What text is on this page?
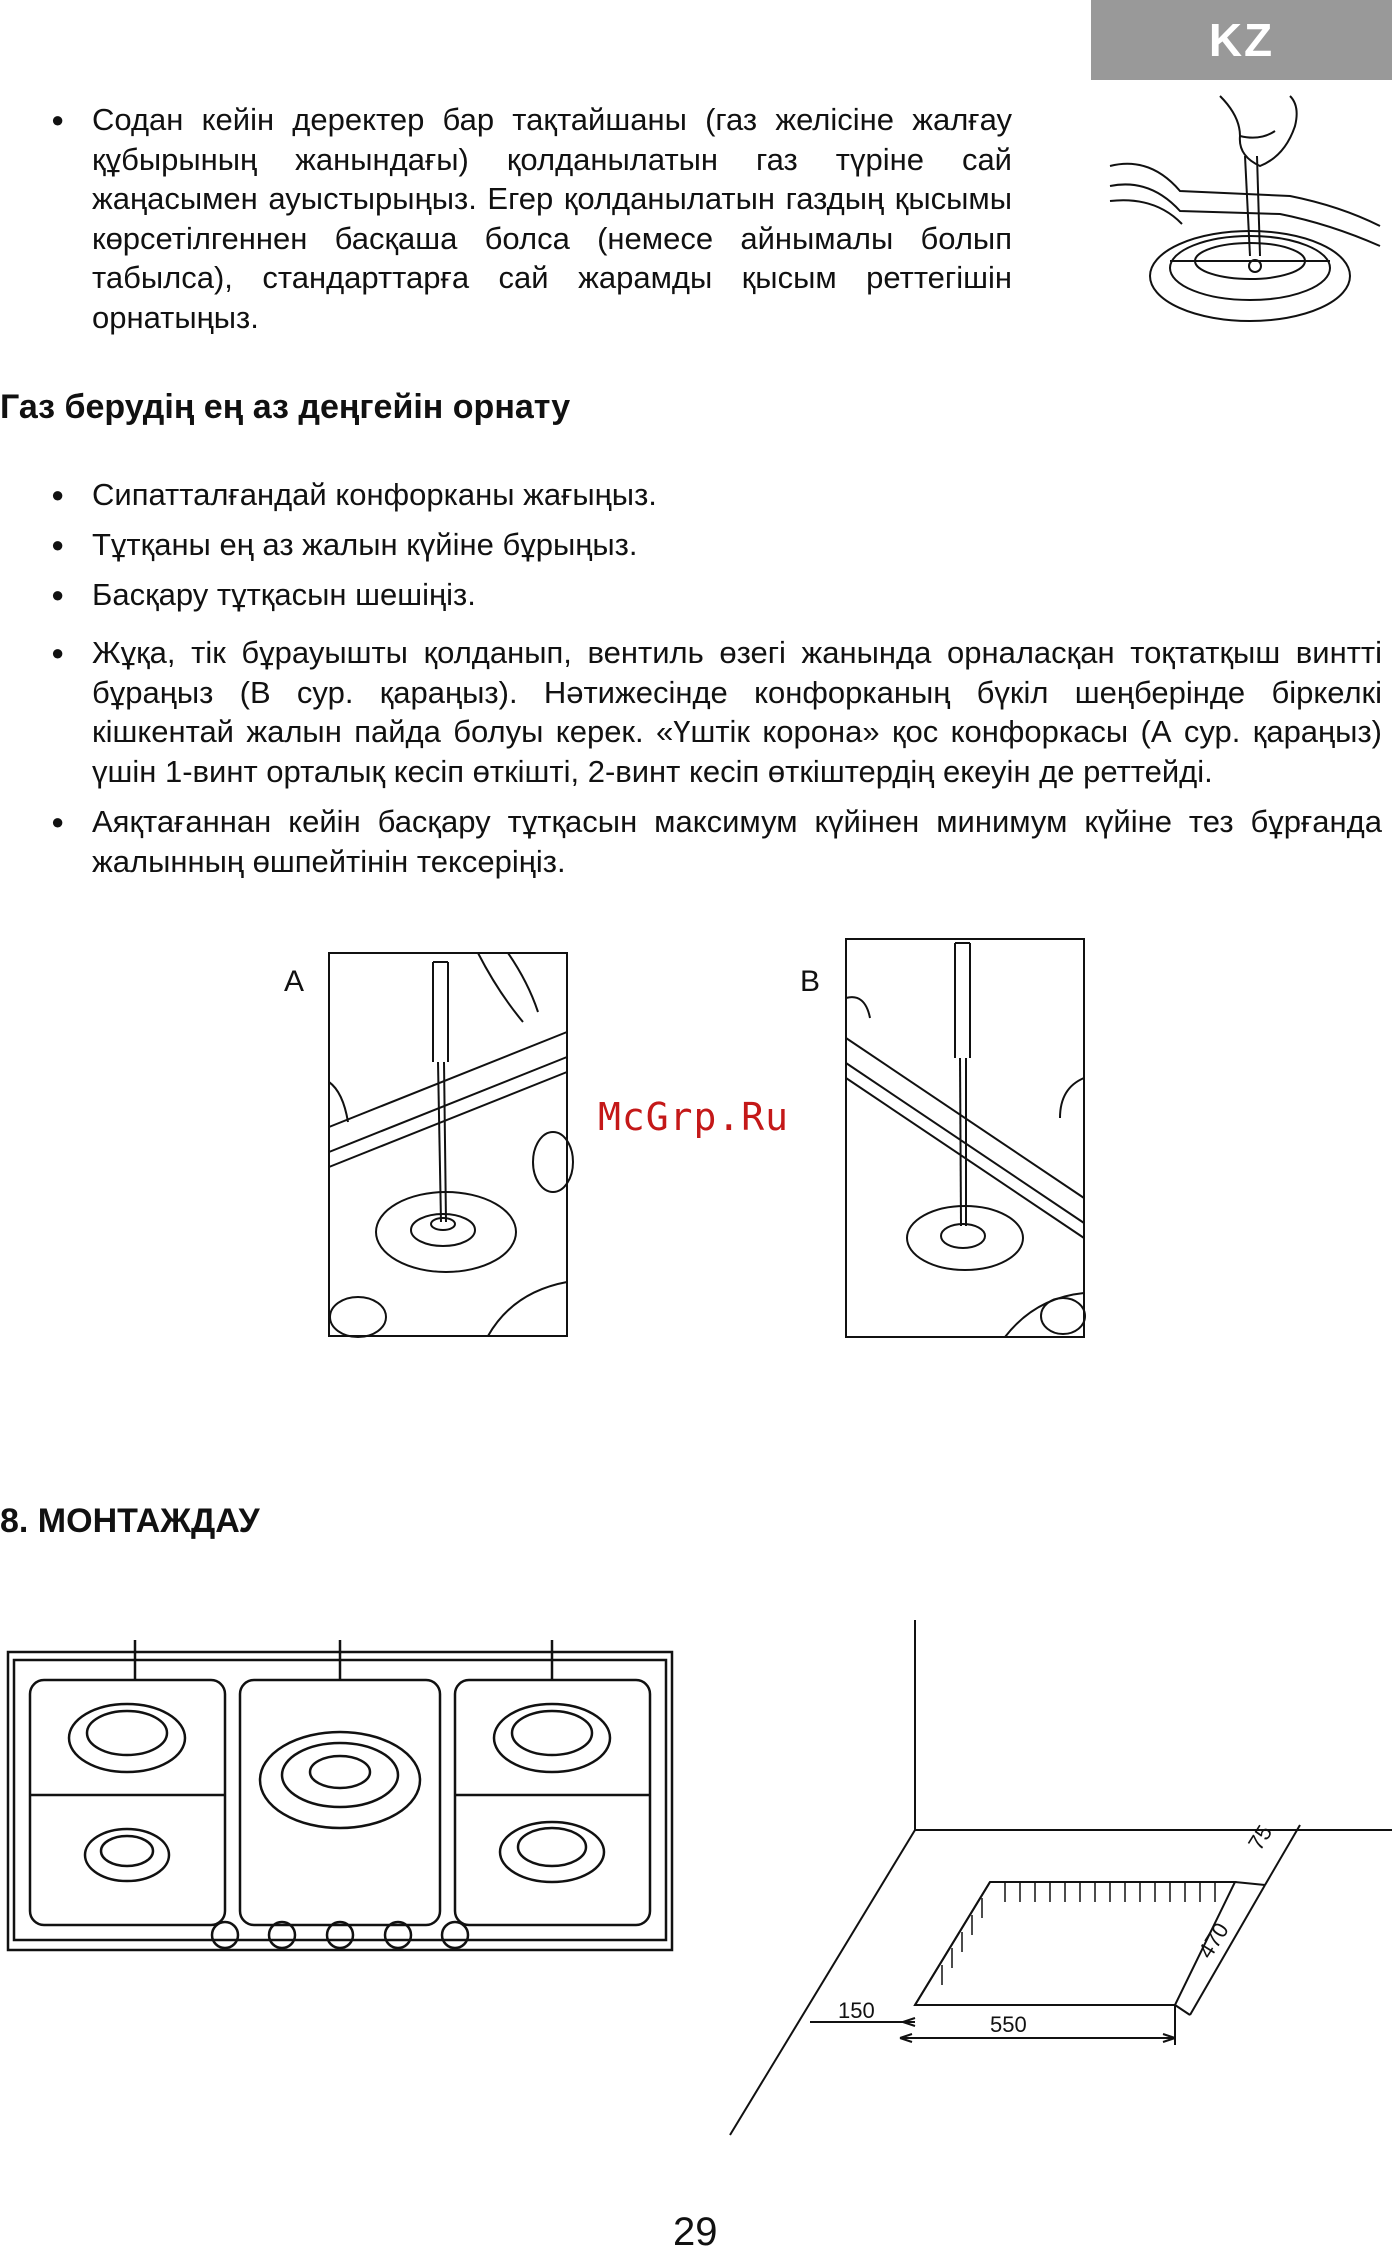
KZ
● Содан кейін деректер бар тақтайшаны (газ желісіне жалғау құбырының жанындағы) қолданылатын газ түріне сай жаңасымен ауыстырыңыз. Егер қолданылатын газдың қысымы көрсетілгеннен басқаша болса (немесе айнымалы болып табылса), стандарттарға сай жарамды қысым реттегішін орнатыңыз.
Газ берудің ең аз деңгейін орнату
● Сипатталғандай конфорканы жағыңыз.
● Тұтқаны ең аз жалын күйіне бұрыңыз.
● Басқару тұтқасын шешіңіз.
● Жұқа, тік бұрауышты қолданып, вентиль өзегі жанында орналасқан тоқтатқыш винтті бұраңыз (В сур. қараңыз). Нәтижесінде конфорканың бүкіл шеңберінде біркелкі кішкентай жалын пайда болуы керек. «Үштік корона» қос конфоркасы (А сур. қараңыз) үшін 1-винт орталық кесіп өткішті, 2-винт кесіп өткіштердің екеуін де реттейді.
● Аяқтағаннан кейін басқару тұтқасын максимум күйінен минимум күйіне тез бұрғанда жалынның өшпейтінін тексеріңіз.
A	B
McGrp.Ru
8. МОНТАЖДАУ
150
550
470
75
29
